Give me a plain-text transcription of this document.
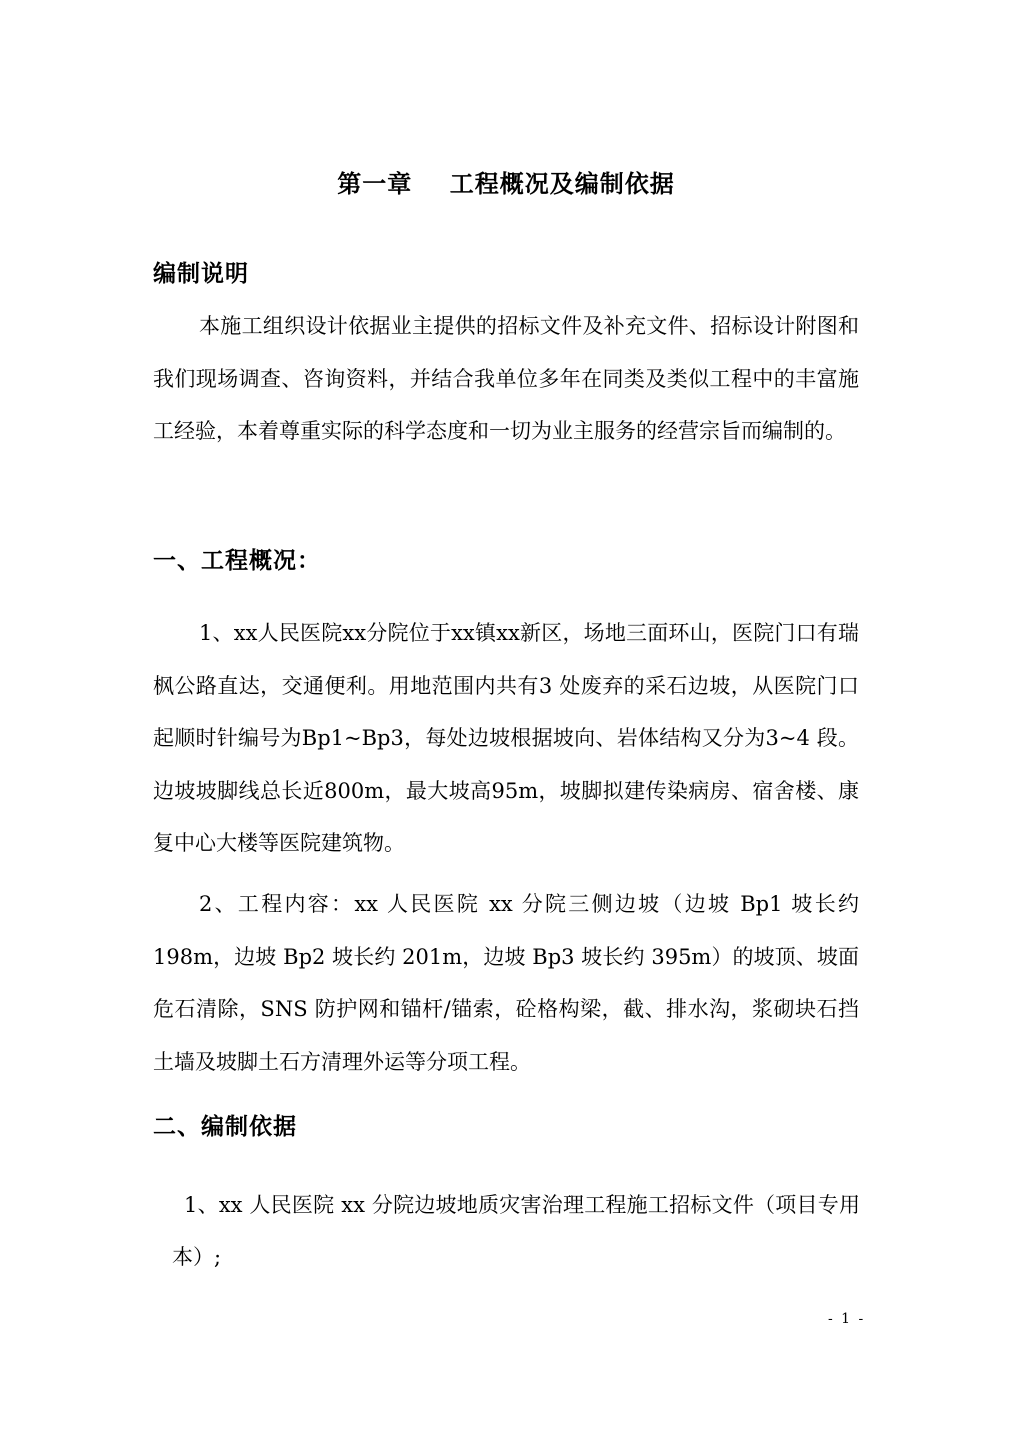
第一章    工程概况及编制依据
编制说明

本施工组织设计依据业主提供的招标文件及补充文件、招标设计附图和我们现场调查、咨询资料，并结合我单位多年在同类及类似工程中的丰富施工经验，本着尊重实际的科学态度和一切为业主服务的经营宗旨而编制的。

一、工程概况：

1、xx人民医院xx分院位于xx镇xx新区，场地三面环山，医院门口有瑞枫公路直达，交通便利。用地范围内共有3 处废弃的采石边坡，从医院门口起顺时针编号为Bp1~Bp3，每处边坡根据坡向、岩体结构又分为3~4 段。边坡坡脚线总长近800m，最大坡高95m，坡脚拟建传染病房、宿舍楼、康复中心大楼等医院建筑物。

2、工程内容：xx 人民医院 xx 分院三侧边坡（边坡 Bp1 坡长约198m，边坡 Bp2 坡长约 201m，边坡 Bp3 坡长约 395m）的坡顶、坡面危石清除，SNS 防护网和锚杆/锚索，砼格构梁，截、排水沟，浆砌块石挡土墙及坡脚土石方清理外运等分项工程。

二、编制依据

1、xx 人民医院 xx 分院边坡地质灾害治理工程施工招标文件（项目专用本）;

- 1 -
